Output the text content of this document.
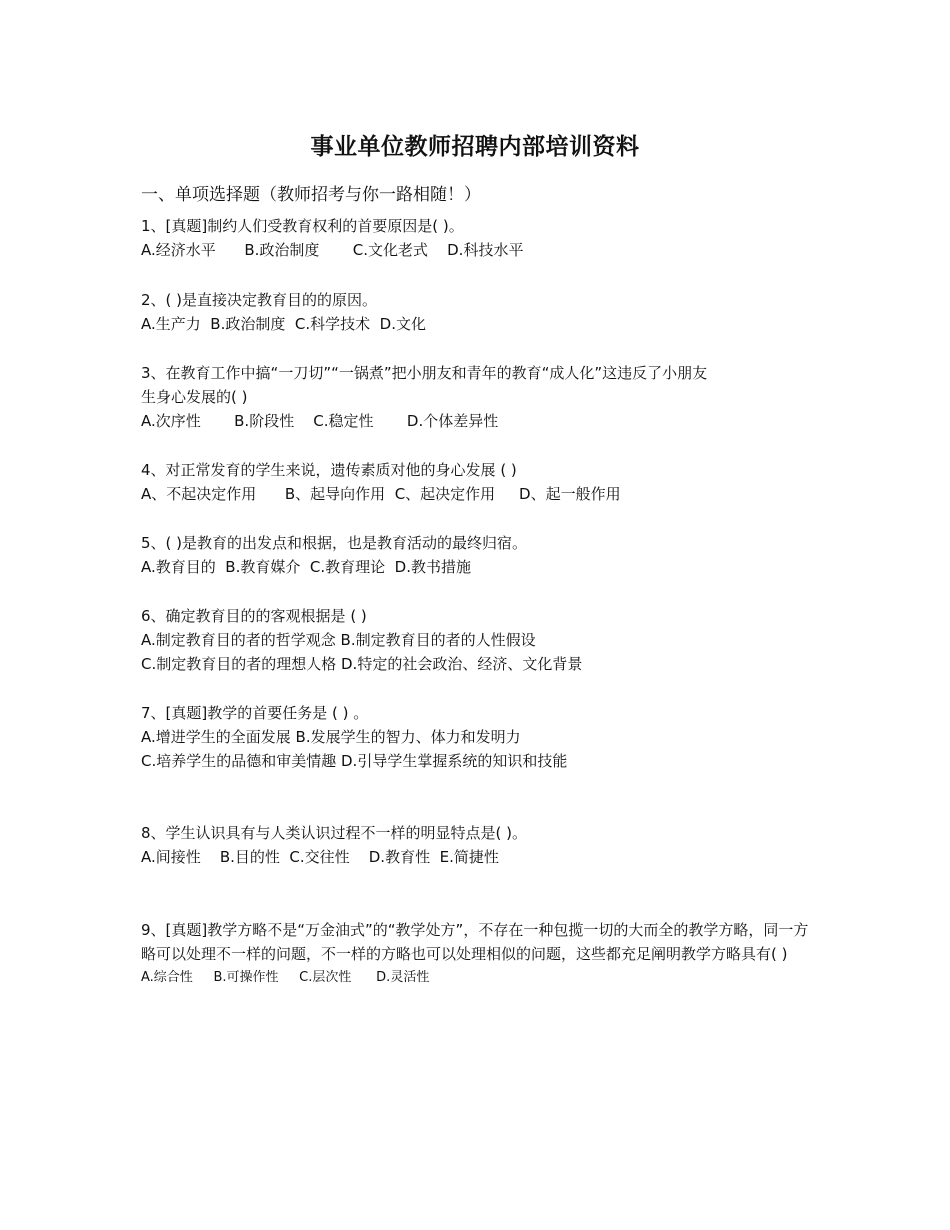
事业单位教师招聘内部培训资料
一、单项选择题（教师招考与你一路相随！）
1、[真题]制约人们受教育权利的首要原因是( )。
A.经济水平      B.政治制度       C.文化老式    D.科技水平
2、( )是直接决定教育目的的原因。
A.生产力  B.政治制度  C.科学技术  D.文化
3、在教育工作中搞“一刀切”“一锅煮”把小朋友和青年的教育“成人化”这违反了小朋友
生身心发展的( )
A.次序性       B.阶段性    C.稳定性       D.个体差异性
4、对正常发育的学生来说，遗传素质对他的身心发展 ( )
A、不起决定作用      B、起导向作用  C、起决定作用     D、起一般作用
5、( )是教育的出发点和根据，也是教育活动的最终归宿。
A.教育目的  B.教育媒介  C.教育理论  D.教书措施
6、确定教育目的的客观根据是 ( )
A.制定教育目的者的哲学观念 B.制定教育目的者的人性假设
C.制定教育目的者的理想人格 D.特定的社会政治、经济、文化背景
7、[真题]教学的首要任务是 ( ) 。
A.增进学生的全面发展 B.发展学生的智力、体力和发明力
C.培养学生的品德和审美情趣 D.引导学生掌握系统的知识和技能
8、学生认识具有与人类认识过程不一样的明显特点是( )。
A.间接性    B.目的性  C.交往性    D.教育性  E.简捷性
9、[真题]教学方略不是“万金油式”的“教学处方”，不存在一种包揽一切的大而全的教学方略，同一方略可以处理不一样的问题，不一样的方略也可以处理相似的问题，这些都充足阐明教学方略具有( )
A.综合性     B.可操作性     C.层次性      D.灵活性
